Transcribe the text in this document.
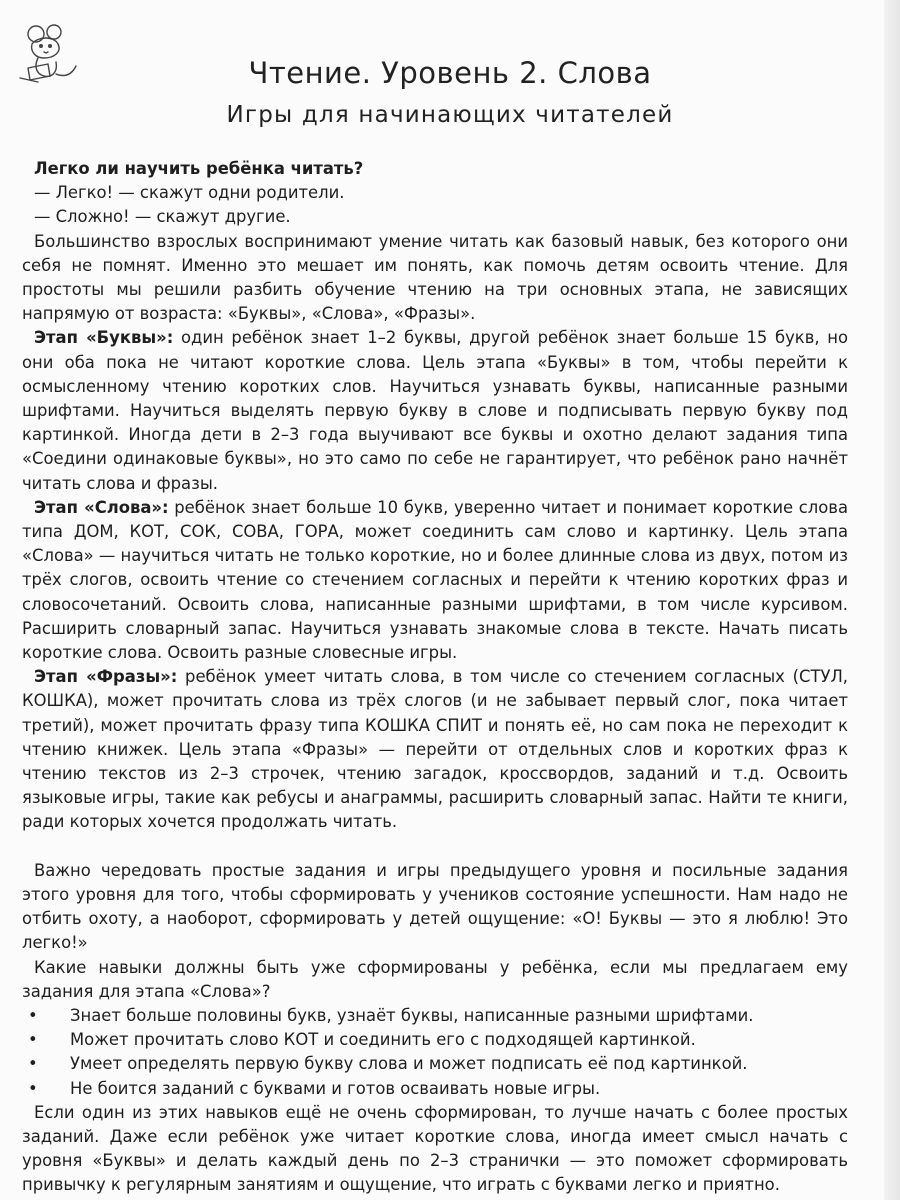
Чтение. Уровень 2. Слова
Игры для начинающих читателей

Легко ли научить ребёнка читать?

— Легко! — скажут одни родители.

— Сложно! — скажут другие.

Большинство взрослых воспринимают умение читать как базовый навык, без которого они себя не помнят. Именно это мешает им понять, как помочь детям освоить чтение. Для простоты мы решили разбить обучение чтению на три основных этапа, не зависящих напрямую от возраста: «Буквы», «Слова», «Фразы».

Этап «Буквы»: один ребёнок знает 1–2 буквы, другой ребёнок знает больше 15 букв, но они оба пока не читают короткие слова. Цель этапа «Буквы» в том, чтобы перейти к осмысленному чтению коротких слов. Научиться узнавать буквы, написанные разными шрифтами. Научиться выделять первую букву в слове и подписывать первую букву под картинкой. Иногда дети в 2–3 года выучивают все буквы и охотно делают задания типа «Соедини одинаковые буквы», но это само по себе не гарантирует, что ребёнок рано начнёт читать слова и фразы.

Этап «Слова»: ребёнок знает больше 10 букв, уверенно читает и понимает короткие слова типа ДОМ, КОТ, СОК, СОВА, ГОРА, может соединить сам слово и картинку. Цель этапа «Слова» — научиться читать не только короткие, но и более длинные слова из двух, потом из трёх слогов, освоить чтение со стечением согласных и перейти к чтению коротких фраз и словосочетаний. Освоить слова, написанные разными шрифтами, в том числе курсивом. Расширить словарный запас. Научиться узнавать знакомые слова в тексте. Начать писать короткие слова. Освоить разные словесные игры.

Этап «Фразы»: ребёнок умеет читать слова, в том числе со стечением согласных (СТУЛ, КОШКА), может прочитать слова из трёх слогов (и не забывает первый слог, пока читает третий), может прочитать фразу типа КОШКА СПИТ и понять её, но сам пока не переходит к чтению книжек. Цель этапа «Фразы» — перейти от отдельных слов и коротких фраз к чтению текстов из 2–3 строчек, чтению загадок, кроссвордов, заданий и т.д. Освоить языковые игры, такие как ребусы и анаграммы, расширить словарный запас. Найти те книги, ради которых хочется продолжать читать.

Важно чередовать простые задания и игры предыдущего уровня и посильные задания этого уровня для того, чтобы сформировать у учеников состояние успешности. Нам надо не отбить охоту, а наоборот, сформировать у детей ощущение: «О! Буквы — это я люблю! Это легко!»

Какие навыки должны быть уже сформированы у ребёнка, если мы предлагаем ему задания для этапа «Слова»?

• Знает больше половины букв, узнаёт буквы, написанные разными шрифтами.
• Может прочитать слово КОТ и соединить его с подходящей картинкой.
• Умеет определять первую букву слова и может подписать её под картинкой.
• Не боится заданий с буквами и готов осваивать новые игры.

Если один из этих навыков ещё не очень сформирован, то лучше начать с более простых заданий. Даже если ребёнок уже читает короткие слова, иногда имеет смысл начать с уровня «Буквы» и делать каждый день по 2–3 странички — это поможет сформировать привычку к регулярным занятиям и ощущение, что играть с буквами легко и приятно.
